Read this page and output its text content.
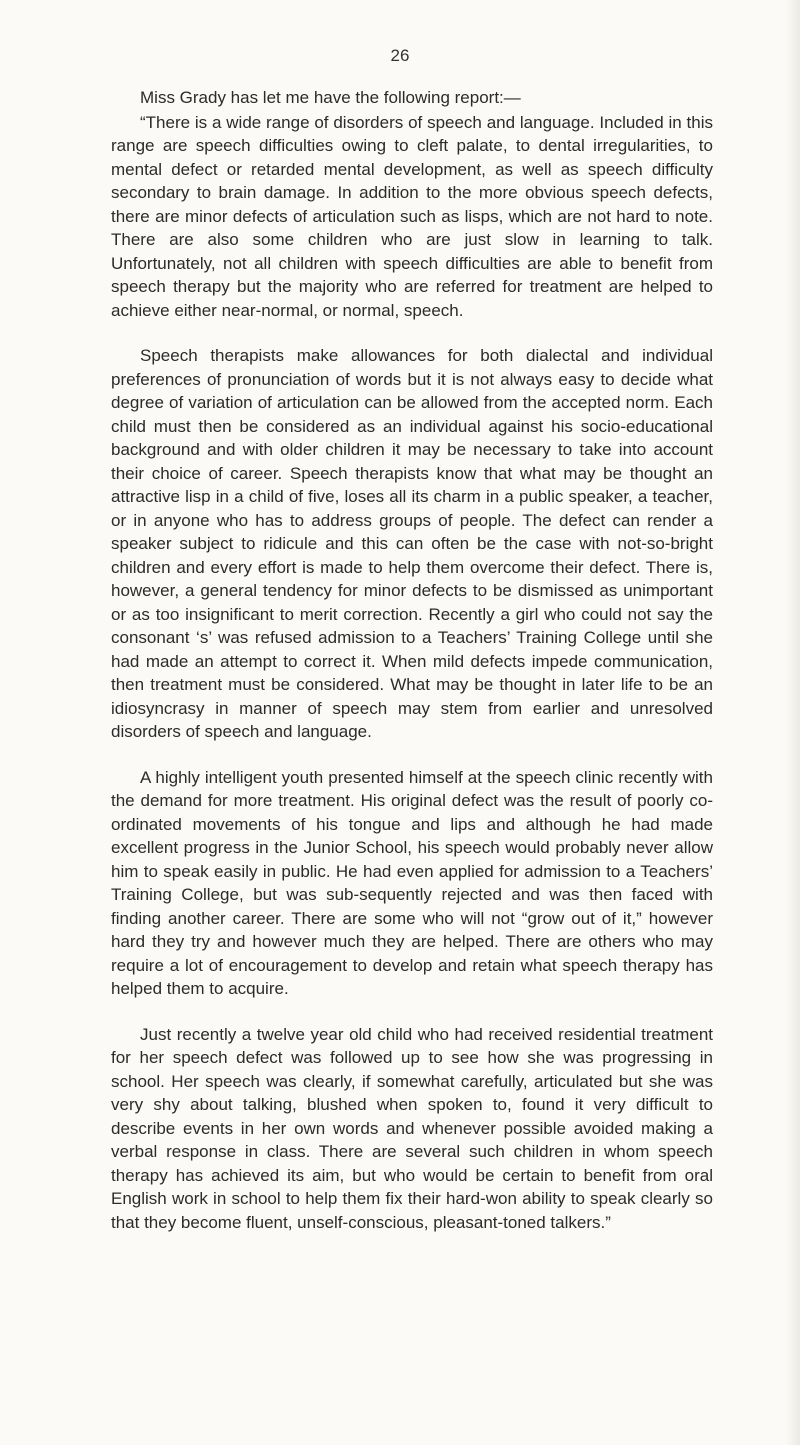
26

Miss Grady has let me have the following report:—

“There is a wide range of disorders of speech and language. Included in this range are speech difficulties owing to cleft palate, to dental irregularities, to mental defect or retarded mental development, as well as speech difficulty secondary to brain damage. In addition to the more obvious speech defects, there are minor defects of articulation such as lisps, which are not hard to note. There are also some children who are just slow in learning to talk. Unfortunately, not all children with speech difficulties are able to benefit from speech therapy but the majority who are referred for treatment are helped to achieve either near-normal, or normal, speech.

Speech therapists make allowances for both dialectal and individual preferences of pronunciation of words but it is not always easy to decide what degree of variation of articulation can be allowed from the accepted norm. Each child must then be considered as an individual against his socio-educational background and with older children it may be necessary to take into account their choice of career. Speech therapists know that what may be thought an attractive lisp in a child of five, loses all its charm in a public speaker, a teacher, or in anyone who has to address groups of people. The defect can render a speaker subject to ridicule and this can often be the case with not-so-bright children and every effort is made to help them overcome their defect. There is, however, a general tendency for minor defects to be dismissed as unimportant or as too insignificant to merit correction. Recently a girl who could not say the consonant ‘s’ was refused admission to a Teachers’ Training College until she had made an attempt to correct it. When mild defects impede communication, then treatment must be considered. What may be thought in later life to be an idiosyncrasy in manner of speech may stem from earlier and unresolved disorders of speech and language.

A highly intelligent youth presented himself at the speech clinic recently with the demand for more treatment. His original defect was the result of poorly co-ordinated movements of his tongue and lips and although he had made excellent progress in the Junior School, his speech would probably never allow him to speak easily in public. He had even applied for admission to a Teachers’ Training College, but was sub-sequently rejected and was then faced with finding another career. There are some who will not “grow out of it,” however hard they try and however much they are helped. There are others who may require a lot of encouragement to develop and retain what speech therapy has helped them to acquire.

Just recently a twelve year old child who had received residential treatment for her speech defect was followed up to see how she was progressing in school. Her speech was clearly, if somewhat carefully, articulated but she was very shy about talking, blushed when spoken to, found it very difficult to describe events in her own words and whenever possible avoided making a verbal response in class. There are several such children in whom speech therapy has achieved its aim, but who would be certain to benefit from oral English work in school to help them fix their hard-won ability to speak clearly so that they become fluent, unself-conscious, pleasant-toned talkers.”
